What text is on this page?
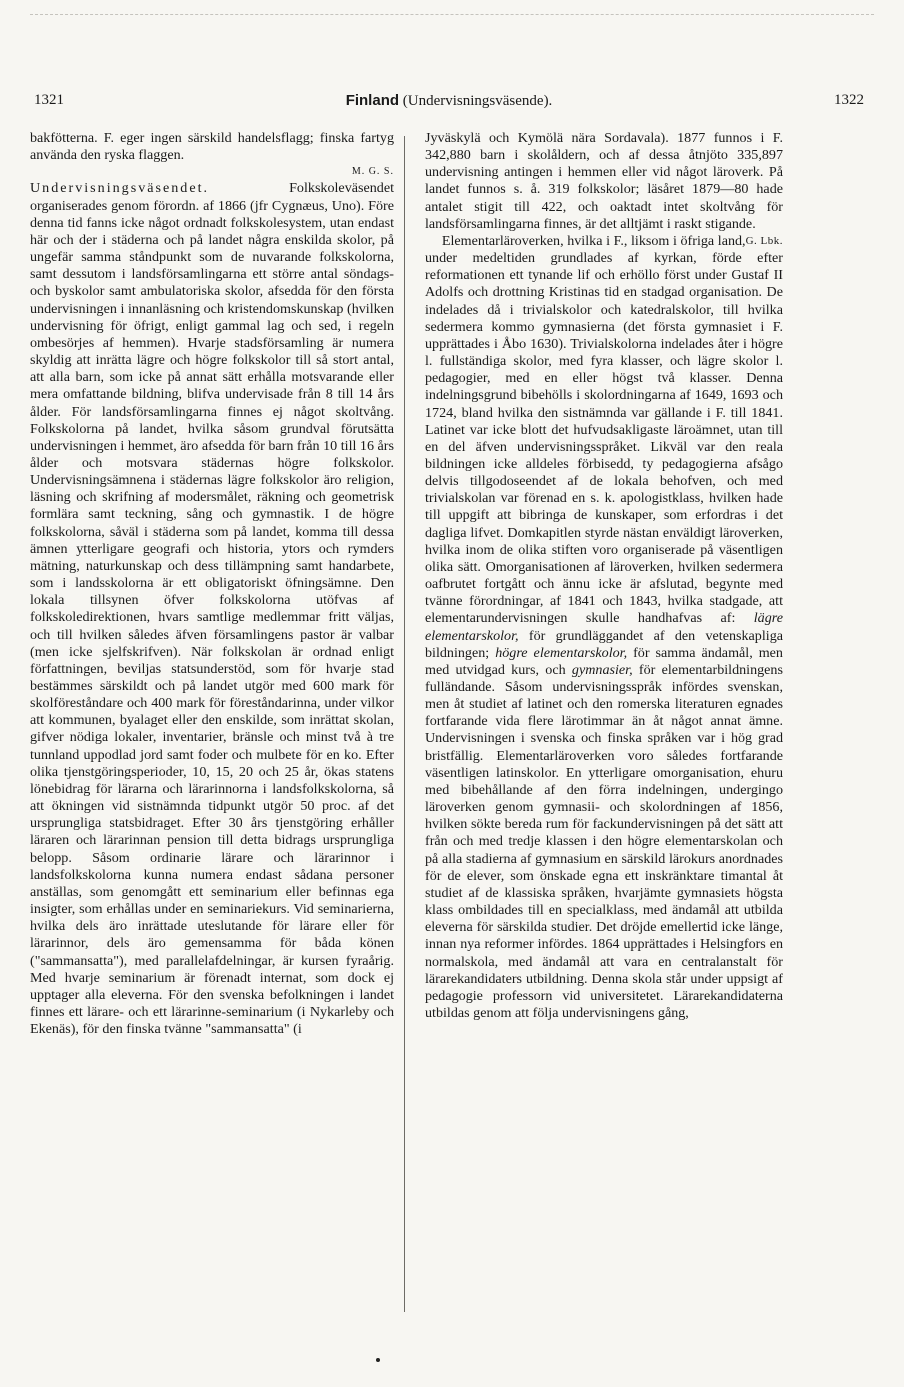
1321	Finland (Undervisningsväsende).	1322

bakfötterna. F. eger ingen särskild handelsflagg; finska fartyg använda den ryska flaggen.
M. G. S.

Undervisningsväsendet.	Folkskoleväsendet organiserades genom förordn. af 1866 (jfr Cygnæus, Uno). Före denna tid fanns icke något ordnadt folkskolesystem, utan endast här och der i städerna och på landet några enskilda skolor, på ungefär samma ståndpunkt som de nuvarande folkskolorna, samt dessutom i landsförsamlingarna ett större antal söndags- och byskolor samt ambulatoriska skolor, afsedda för den första undervisningen i innanläsning och kristendomskunskap (hvilken undervisning för öfrigt, enligt gammal lag och sed, i regeln ombesörjes af hemmen). Hvarje stadsförsamling är numera skyldig att inrätta lägre och högre folkskolor till så stort antal, att alla barn, som icke på annat sätt erhålla motsvarande eller mera omfattande bildning, blifva undervisade från 8 till 14 års ålder. För landsförsamlingarna finnes ej något skoltvång. Folkskolorna på landet, hvilka såsom grundval förutsätta undervisningen i hemmet, äro afsedda för barn från 10 till 16 års ålder och motsvara städernas högre folkskolor. Undervisningsämnena i städernas lägre folkskolor äro religion, läsning och skrifning af modersmålet, räkning och geometrisk formlära samt teckning, sång och gymnastik. I de högre folkskolorna, såväl i städerna som på landet, komma till dessa ämnen ytterligare geografi och historia, ytors och rymders mätning, naturkunskap och dess tillämpning samt handarbete, som i landsskolorna är ett obligatoriskt öfningsämne. Den lokala tillsynen öfver folkskolorna utöfvas af folkskoledirektionen, hvars samtlige medlemmar fritt väljas, och till hvilken således äfven församlingens pastor är valbar (men icke sjelfskrifven). När folkskolan är ordnad enligt författningen, beviljas statsunderstöd, som för hvarje stad bestämmes särskildt och på landet utgör med 600 mark för skolföreståndare och 400 mark för föreståndarinna, under vilkor att kommunen, byalaget eller den enskilde, som inrättat skolan, gifver nödiga lokaler, inventarier, bränsle och minst två à tre tunnland uppodlad jord samt foder och mulbete för en ko. Efter olika tjenstgöringsperioder, 10, 15, 20 och 25 år, ökas statens lönebidrag för lärarna och lärarinnorna i landsfolkskolorna, så att ökningen vid sistnämnda tidpunkt utgör 50 proc. af det ursprungliga statsbidraget. Efter 30 års tjenstgöring erhåller läraren och lärarinnan pension till detta bidrags ursprungliga belopp. Såsom ordinarie lärare och lärarinnor i landsfolkskolorna kunna numera endast sådana personer anställas, som genomgått ett seminarium eller befinnas ega insigter, som erhållas under en seminariekurs. Vid seminarierna, hvilka dels äro inrättade uteslutande för lärare eller för lärarinnor, dels äro gemensamma för båda könen ("sammansatta"), med parallelafdelningar, är kursen fyraårig. Med hvarje seminarium är förenadt internat, som dock ej upptager alla eleverna. För den svenska befolkningen i landet finnes ett lärare- och ett lärarinne-seminarium (i Nykarleby och Ekenäs), för den finska tvänne "sammansatta" (i

Jyväskylä och Kymölä nära Sordavala). 1877 funnos i F. 342,880 barn i skolåldern, och af dessa åtnjöto 335,897 undervisning antingen i hemmen eller vid något läroverk. På landet funnos s. å. 319 folkskolor; läsåret 1879—80 hade antalet stigit till 422, och oaktadt intet skoltvång för landsförsamlingarna finnes, är det alltjämt i raskt stigande.
G. Lbk.

Elementarläroverken, hvilka i F., liksom i öfriga land, under medeltiden grundlades af kyrkan, förde efter reformationen ett tynande lif och erhöllo först under Gustaf II Adolfs och drottning Kristinas tid en stadgad organisation. De indelades då i trivialskolor och katedralskolor, till hvilka sedermera kommo gymnasierna (det första gymnasiet i F. upprättades i Åbo 1630). Trivialskolorna indelades åter i högre l. fullständiga skolor, med fyra klasser, och lägre skolor l. pedagogier, med en eller högst två klasser. Denna indelningsgrund bibehölls i skolordningarna af 1649, 1693 och 1724, bland hvilka den sistnämnda var gällande i F. till 1841. Latinet var icke blott det hufvudsakligaste läroämnet, utan till en del äfven undervisningsspråket. Likväl var den reala bildningen icke alldeles förbisedd, ty pedagogierna afsågo delvis tillgodoseendet af de lokala behofven, och med trivialskolan var förenad en s. k. apologistklass, hvilken hade till uppgift att bibringa de kunskaper, som erfordras i det dagliga lifvet. Domkapitlen styrde nästan enväldigt läroverken, hvilka inom de olika stiften voro organiserade på väsentligen olika sätt. Omorganisationen af läroverken, hvilken sedermera oafbrutet fortgått och ännu icke är afslutad, begynte med tvänne förordningar, af 1841 och 1843, hvilka stadgade, att elementarundervisningen skulle handhafvas af: lägre elementarskolor, för grundläggandet af den vetenskapliga bildningen; högre elementarskolor, för samma ändamål, men med utvidgad kurs, och gymnasier, för elementarbildningens fulländande. Såsom undervisningsspråk infördes svenskan, men åt studiet af latinet och den romerska literaturen egnades fortfarande vida flere lärotimmar än åt något annat ämne. Undervisningen i svenska och finska språken var i hög grad bristfällig. Elementarläroverken voro således fortfarande väsentligen latinskolor. En ytterligare omorganisation, ehuru med bibehållande af den förra indelningen, undergingo läroverken genom gymnasii- och skolordningen af 1856, hvilken sökte bereda rum för fackundervisningen på det sätt att från och med tredje klassen i den högre elementarskolan och på alla stadierna af gymnasium en särskild lärokurs anordnades för de elever, som önskade egna ett inskränktare timantal åt studiet af de klassiska språken, hvarjämte gymnasiets högsta klass ombildades till en specialklass, med ändamål att utbilda eleverna för särskilda studier. Det dröjde emellertid icke länge, innan nya reformer infördes. 1864 upprättades i Helsingfors en normalskola, med ändamål att vara en centralanstalt för lärarekandidaters utbildning. Denna skola står under uppsigt af pedagogie professorn vid universitetet. Lärarekandidaterna utbildas genom att följa undervisningens gång,
